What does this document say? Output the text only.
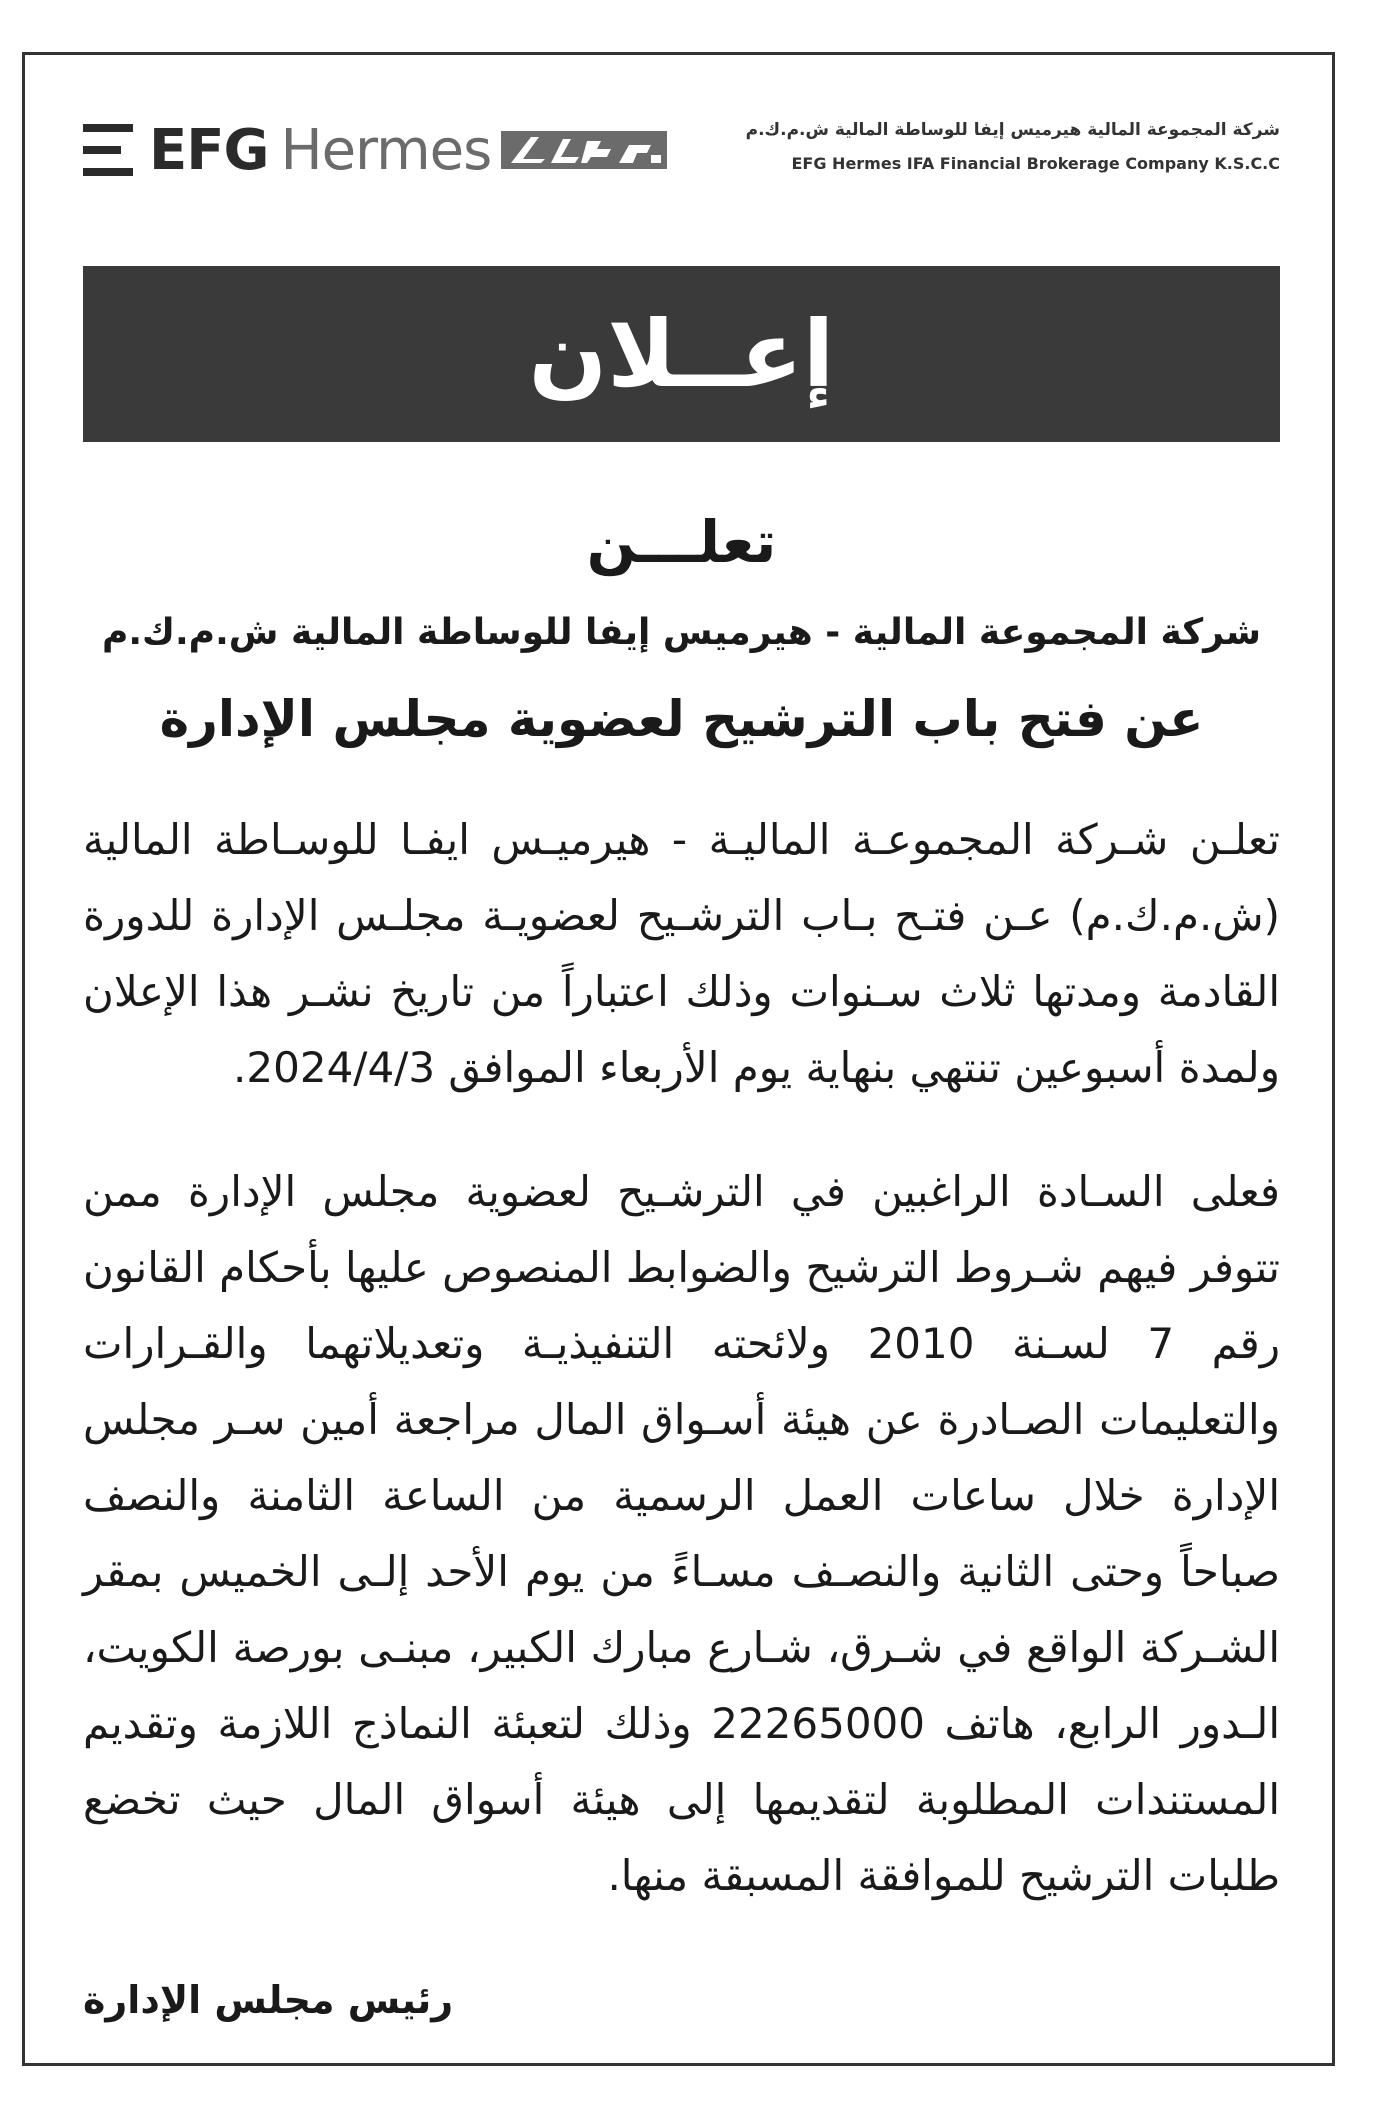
EFG Hermes	شركة المجموعة المالية هيرميس إيفا للوساطة المالية ش.م.ك.م
EFG Hermes IFA Financial Brokerage Company K.S.C.C
إعــلان
تعلـــن
شركة المجموعة المالية - هيرميس إيفا للوساطة المالية ش.م.ك.م
عن فتح باب الترشيح لعضوية مجلس الإدارة
تعلـن شـركة المجموعـة الماليـة - هيرميـس ايفـا للوسـاطة المالية (ش.م.ك.م) عـن فتـح بـاب الترشـيح لعضويـة مجلـس الإدارة للدورة القادمة ومدتها ثلاث سـنوات وذلك اعتباراً من تاريخ نشـر هذا الإعلان ولمدة أسبوعين تنتهي بنهاية يوم الأربعاء الموافق 2024/4/3.
فعلى السـادة الراغبين في الترشـيح لعضوية مجلس الإدارة ممن تتوفر فيهم شـروط الترشيح والضوابط المنصوص عليها بأحكام القانون رقم 7 لسـنة 2010 ولائحته التنفيذيـة وتعديلاتهما والقـرارات والتعليمات الصـادرة عن هيئة أسـواق المال مراجعة أمين سـر مجلس الإدارة خلال ساعات العمل الرسمية من الساعة الثامنة والنصف صباحاً وحتى الثانية والنصـف مسـاءً من يوم الأحد إلـى الخميس بمقر الشـركة الواقع في شـرق، شـارع مبارك الكبير، مبنـى بورصة الكويت، الـدور الرابع، هاتف 22265000 وذلك لتعبئة النماذج اللازمة وتقديم المستندات المطلوبة لتقديمها إلى هيئة أسواق المال حيث تخضع طلبات الترشيح للموافقة المسبقة منها.
رئيس مجلس الإدارة
